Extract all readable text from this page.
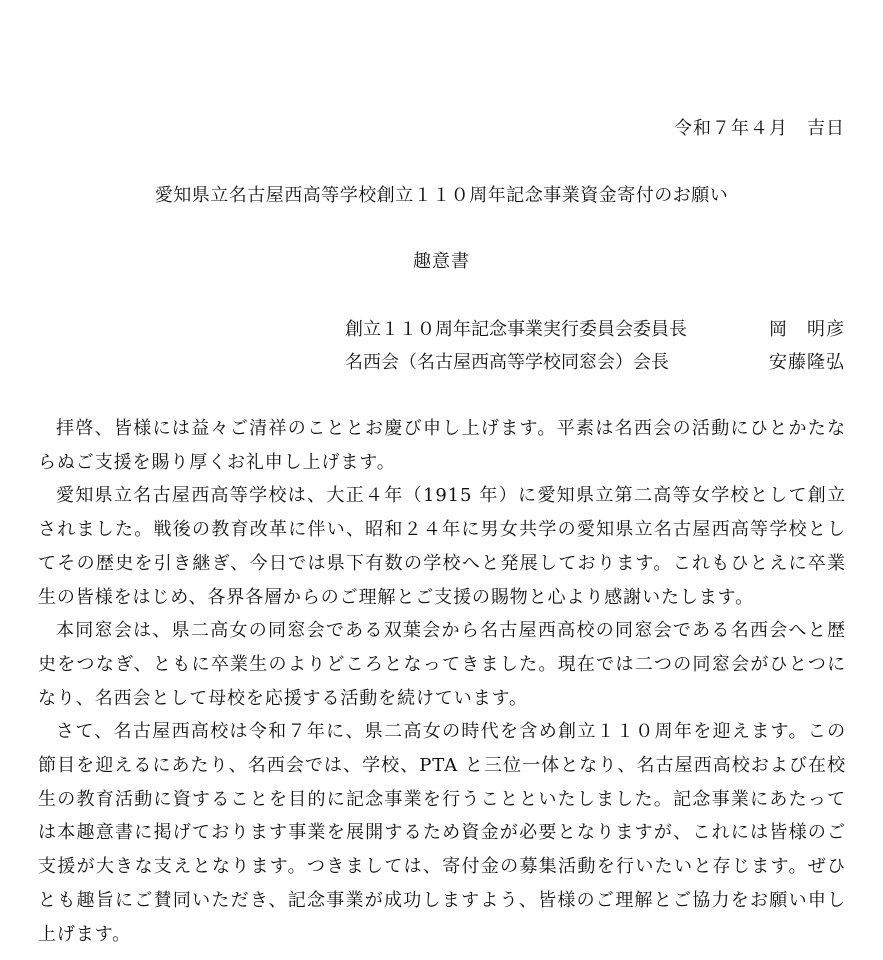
令和７年４月　吉日
愛知県立名古屋西高等学校創立１１０周年記念事業資金寄付のお願い
趣意書
創立１１０周年記念事業実行委員会委員長	岡　明彦
名西会（名古屋西高等学校同窓会）会長	安藤隆弘

拝啓、皆様には益々ご清祥のこととお慶び申し上げます。平素は名西会の活動にひとかたならぬご支援を賜り厚くお礼申し上げます。

愛知県立名古屋西高等学校は、大正４年（1915 年）に愛知県立第二高等女学校として創立されました。戦後の教育改革に伴い、昭和２４年に男女共学の愛知県立名古屋西高等学校としてその歴史を引き継ぎ、今日では県下有数の学校へと発展しております。これもひとえに卒業生の皆様をはじめ、各界各層からのご理解とご支援の賜物と心より感謝いたします。

本同窓会は、県二高女の同窓会である双葉会から名古屋西高校の同窓会である名西会へと歴史をつなぎ、ともに卒業生のよりどころとなってきました。現在では二つの同窓会がひとつになり、名西会として母校を応援する活動を続けています。

さて、名古屋西高校は令和７年に、県二高女の時代を含め創立１１０周年を迎えます。この節目を迎えるにあたり、名西会では、学校、PTA と三位一体となり、名古屋西高校および在校生の教育活動に資することを目的に記念事業を行うことといたしました。記念事業にあたっては本趣意書に掲げております事業を展開するため資金が必要となりますが、これには皆様のご支援が大きな支えとなります。つきましては、寄付金の募集活動を行いたいと存じます。ぜひとも趣旨にご賛同いただき、記念事業が成功しますよう、皆様のご理解とご協力をお願い申し上げます。
